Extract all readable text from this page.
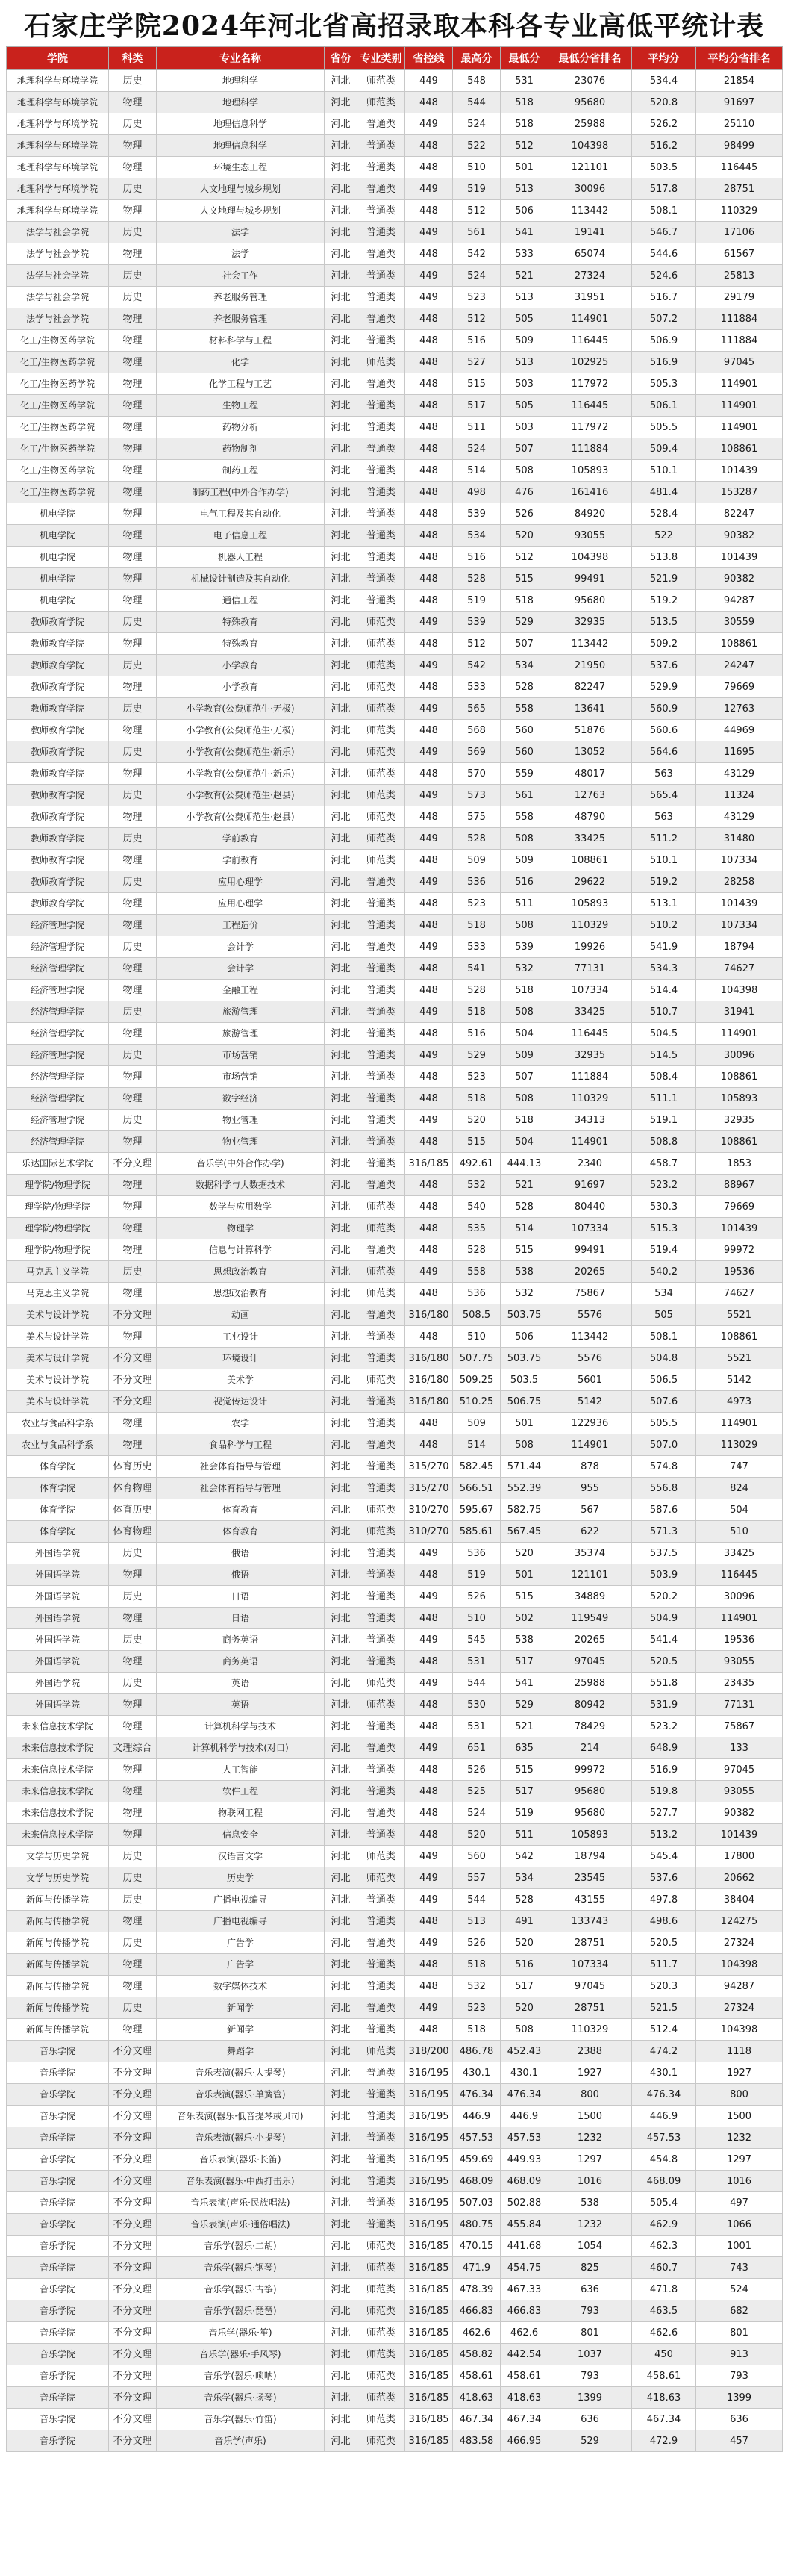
石家庄学院2024年河北省高招录取本科各专业高低平统计表
学院	科类	专业名称	省份	专业类别	省控线	最高分	最低分	最低分省排名	平均分	平均分省排名
地理科学与环境学院	历史	地理科学	河北	师范类	449	548	531	23076	534.4	21854
地理科学与环境学院	物理	地理科学	河北	师范类	448	544	518	95680	520.8	91697
地理科学与环境学院	历史	地理信息科学	河北	普通类	449	524	518	25988	526.2	25110
地理科学与环境学院	物理	地理信息科学	河北	普通类	448	522	512	104398	516.2	98499
地理科学与环境学院	物理	环境生态工程	河北	普通类	448	510	501	121101	503.5	116445
地理科学与环境学院	历史	人文地理与城乡规划	河北	普通类	449	519	513	30096	517.8	28751
地理科学与环境学院	物理	人文地理与城乡规划	河北	普通类	448	512	506	113442	508.1	110329
法学与社会学院	历史	法学	河北	普通类	449	561	541	19141	546.7	17106
法学与社会学院	物理	法学	河北	普通类	448	542	533	65074	544.6	61567
法学与社会学院	历史	社会工作	河北	普通类	449	524	521	27324	524.6	25813
法学与社会学院	历史	养老服务管理	河北	普通类	449	523	513	31951	516.7	29179
法学与社会学院	物理	养老服务管理	河北	普通类	448	512	505	114901	507.2	111884
化工/生物医药学院	物理	材料科学与工程	河北	普通类	448	516	509	116445	506.9	111884
化工/生物医药学院	物理	化学	河北	师范类	448	527	513	102925	516.9	97045
化工/生物医药学院	物理	化学工程与工艺	河北	普通类	448	515	503	117972	505.3	114901
化工/生物医药学院	物理	生物工程	河北	普通类	448	517	505	116445	506.1	114901
化工/生物医药学院	物理	药物分析	河北	普通类	448	511	503	117972	505.5	114901
化工/生物医药学院	物理	药物制剂	河北	普通类	448	524	507	111884	509.4	108861
化工/生物医药学院	物理	制药工程	河北	普通类	448	514	508	105893	510.1	101439
化工/生物医药学院	物理	制药工程(中外合作办学)	河北	普通类	448	498	476	161416	481.4	153287
机电学院	物理	电气工程及其自动化	河北	普通类	448	539	526	84920	528.4	82247
机电学院	物理	电子信息工程	河北	普通类	448	534	520	93055	522	90382
机电学院	物理	机器人工程	河北	普通类	448	516	512	104398	513.8	101439
机电学院	物理	机械设计制造及其自动化	河北	普通类	448	528	515	99491	521.9	90382
机电学院	物理	通信工程	河北	普通类	448	519	518	95680	519.2	94287
教师教育学院	历史	特殊教育	河北	师范类	449	539	529	32935	513.5	30559
教师教育学院	物理	特殊教育	河北	师范类	448	512	507	113442	509.2	108861
教师教育学院	历史	小学教育	河北	师范类	449	542	534	21950	537.6	24247
教师教育学院	物理	小学教育	河北	师范类	448	533	528	82247	529.9	79669
教师教育学院	历史	小学教育(公费师范生·无极)	河北	师范类	449	565	558	13641	560.9	12763
教师教育学院	物理	小学教育(公费师范生·无极)	河北	师范类	448	568	560	51876	560.6	44969
教师教育学院	历史	小学教育(公费师范生·新乐)	河北	师范类	449	569	560	13052	564.6	11695
教师教育学院	物理	小学教育(公费师范生·新乐)	河北	师范类	448	570	559	48017	563	43129
教师教育学院	历史	小学教育(公费师范生·赵县)	河北	师范类	449	573	561	12763	565.4	11324
教师教育学院	物理	小学教育(公费师范生·赵县)	河北	师范类	448	575	558	48790	563	43129
教师教育学院	历史	学前教育	河北	师范类	449	528	508	33425	511.2	31480
教师教育学院	物理	学前教育	河北	师范类	448	509	509	108861	510.1	107334
教师教育学院	历史	应用心理学	河北	普通类	449	536	516	29622	519.2	28258
教师教育学院	物理	应用心理学	河北	普通类	448	523	511	105893	513.1	101439
经济管理学院	物理	工程造价	河北	普通类	448	518	508	110329	510.2	107334
经济管理学院	历史	会计学	河北	普通类	449	533	539	19926	541.9	18794
经济管理学院	物理	会计学	河北	普通类	448	541	532	77131	534.3	74627
经济管理学院	物理	金融工程	河北	普通类	448	528	518	107334	514.4	104398
经济管理学院	历史	旅游管理	河北	普通类	449	518	508	33425	510.7	31941
经济管理学院	物理	旅游管理	河北	普通类	448	516	504	116445	504.5	114901
经济管理学院	历史	市场营销	河北	普通类	449	529	509	32935	514.5	30096
经济管理学院	物理	市场营销	河北	普通类	448	523	507	111884	508.4	108861
经济管理学院	物理	数字经济	河北	普通类	448	518	508	110329	511.1	105893
经济管理学院	历史	物业管理	河北	普通类	449	520	518	34313	519.1	32935
经济管理学院	物理	物业管理	河北	普通类	448	515	504	114901	508.8	108861
乐达国际艺术学院	不分文理	音乐学(中外合作办学)	河北	普通类	316/185	492.61	444.13	2340	458.7	1853
理学院/物理学院	物理	数据科学与大数据技术	河北	普通类	448	532	521	91697	523.2	88967
理学院/物理学院	物理	数学与应用数学	河北	师范类	448	540	528	80440	530.3	79669
理学院/物理学院	物理	物理学	河北	师范类	448	535	514	107334	515.3	101439
理学院/物理学院	物理	信息与计算科学	河北	普通类	448	528	515	99491	519.4	99972
马克思主义学院	历史	思想政治教育	河北	师范类	449	558	538	20265	540.2	19536
马克思主义学院	物理	思想政治教育	河北	师范类	448	536	532	75867	534	74627
美术与设计学院	不分文理	动画	河北	普通类	316/180	508.5	503.75	5576	505	5521
美术与设计学院	物理	工业设计	河北	普通类	448	510	506	113442	508.1	108861
美术与设计学院	不分文理	环境设计	河北	普通类	316/180	507.75	503.75	5576	504.8	5521
美术与设计学院	不分文理	美术学	河北	师范类	316/180	509.25	503.5	5601	506.5	5142
美术与设计学院	不分文理	视觉传达设计	河北	普通类	316/180	510.25	506.75	5142	507.6	4973
农业与食品科学系	物理	农学	河北	普通类	448	509	501	122936	505.5	114901
农业与食品科学系	物理	食品科学与工程	河北	普通类	448	514	508	114901	507.0	113029
体育学院	体育历史	社会体育指导与管理	河北	普通类	315/270	582.45	571.44	878	574.8	747
体育学院	体育物理	社会体育指导与管理	河北	普通类	315/270	566.51	552.39	955	556.8	824
体育学院	体育历史	体育教育	河北	师范类	310/270	595.67	582.75	567	587.6	504
体育学院	体育物理	体育教育	河北	师范类	310/270	585.61	567.45	622	571.3	510
外国语学院	历史	俄语	河北	普通类	449	536	520	35374	537.5	33425
外国语学院	物理	俄语	河北	普通类	448	519	501	121101	503.9	116445
外国语学院	历史	日语	河北	普通类	449	526	515	34889	520.2	30096
外国语学院	物理	日语	河北	普通类	448	510	502	119549	504.9	114901
外国语学院	历史	商务英语	河北	普通类	449	545	538	20265	541.4	19536
外国语学院	物理	商务英语	河北	普通类	448	531	517	97045	520.5	93055
外国语学院	历史	英语	河北	师范类	449	544	541	25988	551.8	23435
外国语学院	物理	英语	河北	师范类	448	530	529	80942	531.9	77131
未来信息技术学院	物理	计算机科学与技术	河北	普通类	448	531	521	78429	523.2	75867
未来信息技术学院	文理综合	计算机科学与技术(对口)	河北	普通类	449	651	635	214	648.9	133
未来信息技术学院	物理	人工智能	河北	普通类	448	526	515	99972	516.9	97045
未来信息技术学院	物理	软件工程	河北	普通类	448	525	517	95680	519.8	93055
未来信息技术学院	物理	物联网工程	河北	普通类	448	524	519	95680	527.7	90382
未来信息技术学院	物理	信息安全	河北	普通类	448	520	511	105893	513.2	101439
文学与历史学院	历史	汉语言文学	河北	师范类	449	560	542	18794	545.4	17800
文学与历史学院	历史	历史学	河北	师范类	449	557	534	23545	537.6	20662
新闻与传播学院	历史	广播电视编导	河北	普通类	449	544	528	43155	497.8	38404
新闻与传播学院	物理	广播电视编导	河北	普通类	448	513	491	133743	498.6	124275
新闻与传播学院	历史	广告学	河北	普通类	449	526	520	28751	520.5	27324
新闻与传播学院	物理	广告学	河北	普通类	448	518	516	107334	511.7	104398
新闻与传播学院	物理	数字媒体技术	河北	普通类	448	532	517	97045	520.3	94287
新闻与传播学院	历史	新闻学	河北	普通类	449	523	520	28751	521.5	27324
新闻与传播学院	物理	新闻学	河北	普通类	448	518	508	110329	512.4	104398
音乐学院	不分文理	舞蹈学	河北	师范类	318/200	486.78	452.43	2388	474.2	1118
音乐学院	不分文理	音乐表演(器乐·大提琴)	河北	普通类	316/195	430.1	430.1	1927	430.1	1927
音乐学院	不分文理	音乐表演(器乐·单簧管)	河北	普通类	316/195	476.34	476.34	800	476.34	800
音乐学院	不分文理	音乐表演(器乐·低音提琴或贝司)	河北	普通类	316/195	446.9	446.9	1500	446.9	1500
音乐学院	不分文理	音乐表演(器乐·小提琴)	河北	普通类	316/195	457.53	457.53	1232	457.53	1232
音乐学院	不分文理	音乐表演(器乐·长笛)	河北	普通类	316/195	459.69	449.93	1297	454.8	1297
音乐学院	不分文理	音乐表演(器乐·中西打击乐)	河北	普通类	316/195	468.09	468.09	1016	468.09	1016
音乐学院	不分文理	音乐表演(声乐·民族唱法)	河北	普通类	316/195	507.03	502.88	538	505.4	497
音乐学院	不分文理	音乐表演(声乐·通俗唱法)	河北	普通类	316/195	480.75	455.84	1232	462.9	1066
音乐学院	不分文理	音乐学(器乐·二胡)	河北	师范类	316/185	470.15	441.68	1054	462.3	1001
音乐学院	不分文理	音乐学(器乐·钢琴)	河北	师范类	316/185	471.9	454.75	825	460.7	743
音乐学院	不分文理	音乐学(器乐·古筝)	河北	师范类	316/185	478.39	467.33	636	471.8	524
音乐学院	不分文理	音乐学(器乐·琵琶)	河北	师范类	316/185	466.83	466.83	793	463.5	682
音乐学院	不分文理	音乐学(器乐·笙)	河北	师范类	316/185	462.6	462.6	801	462.6	801
音乐学院	不分文理	音乐学(器乐·手风琴)	河北	师范类	316/185	458.82	442.54	1037	450	913
音乐学院	不分文理	音乐学(器乐·唢呐)	河北	师范类	316/185	458.61	458.61	793	458.61	793
音乐学院	不分文理	音乐学(器乐·扬琴)	河北	师范类	316/185	418.63	418.63	1399	418.63	1399
音乐学院	不分文理	音乐学(器乐·竹笛)	河北	师范类	316/185	467.34	467.34	636	467.34	636
音乐学院	不分文理	音乐学(声乐)	河北	师范类	316/185	483.58	466.95	529	472.9	457
